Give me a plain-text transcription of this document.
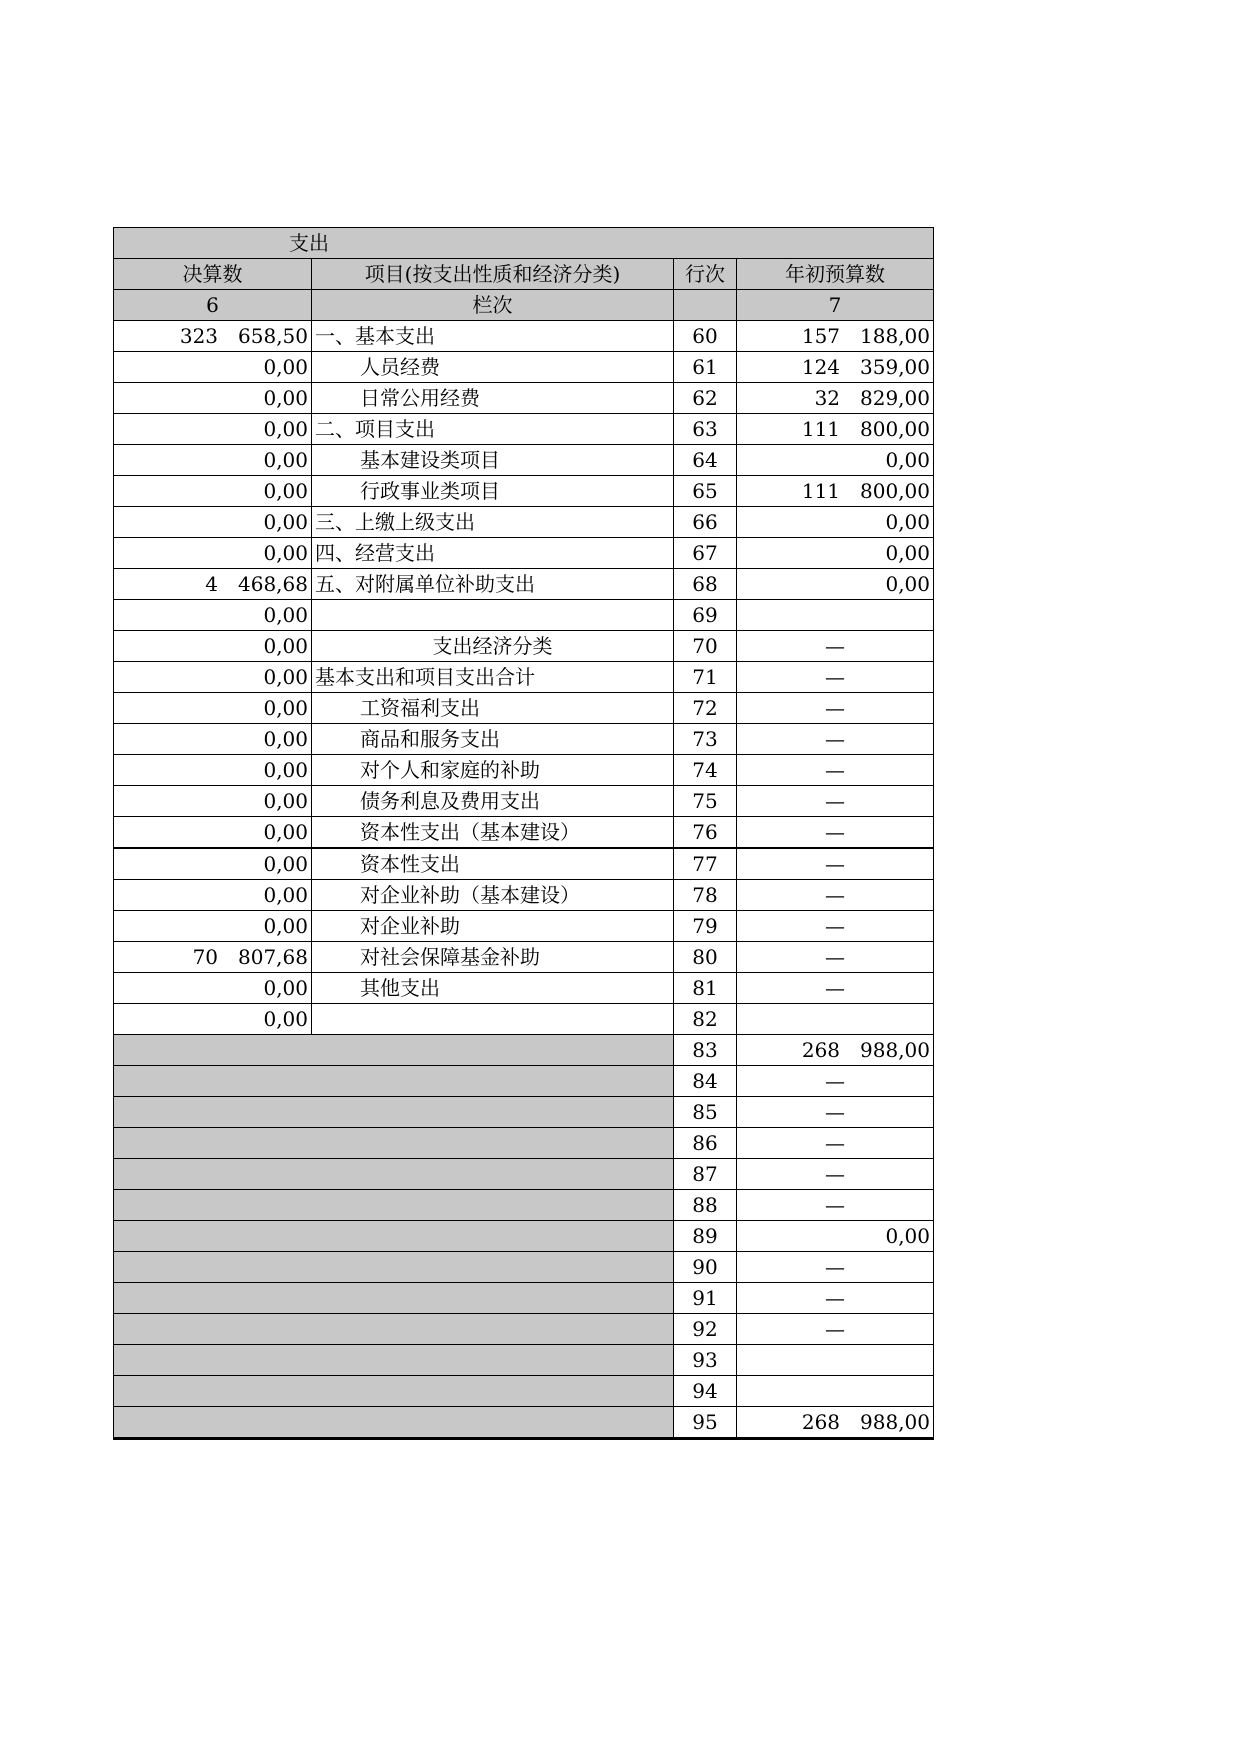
支出			
决算数	项目(按支出性质和经济分类)	行次	年初预算数
6	栏次		7
323　658,50	一、基本支出	60	157　188,00
0,00	人员经费	61	124　359,00
0,00	日常公用经费	62	32　829,00
0,00	二、项目支出	63	111　800,00
0,00	基本建设类项目	64	0,00
0,00	行政事业类项目	65	111　800,00
0,00	三、上缴上级支出	66	0,00
0,00	四、经营支出	67	0,00
4　468,68	五、对附属单位补助支出	68	0,00
0,00		69	
0,00	支出经济分类	70	—
0,00	基本支出和项目支出合计	71	—
0,00	工资福利支出	72	—
0,00	商品和服务支出	73	—
0,00	对个人和家庭的补助	74	—
0,00	债务利息及费用支出	75	—
0,00	资本性支出（基本建设）	76	—
0,00	资本性支出	77	—
0,00	对企业补助（基本建设）	78	—
0,00	对企业补助	79	—
70　807,68	对社会保障基金补助	80	—
0,00	其他支出	81	—
0,00		82	
		83	268　988,00
		84	—
		85	—
		86	—
		87	—
		88	—
		89	0,00
		90	—
		91	—
		92	—
		93	
		94	
		95	268　988,00
